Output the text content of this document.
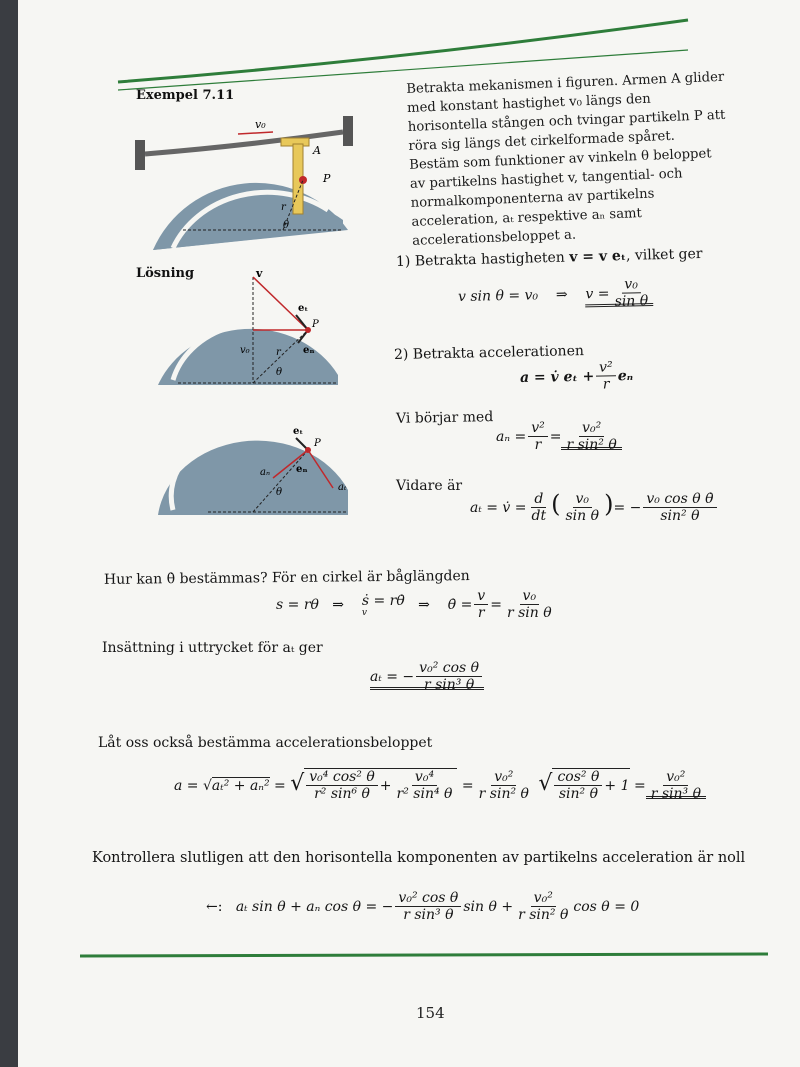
Exempel 7.11
Lösning
Betrakta mekanismen i figuren. Armen A glider med konstant hastighet v₀ längs den horisontella stången och tvingar partikeln P att röra sig längs det cirkelformade spåret. Bestäm som funktioner av vinkeln θ beloppet av partikelns hastighet v, tangential- och normalkomponenterna av partikelns acceleration, aₜ respektive aₙ samt accelerationsbeloppet a.
v₀
A
P
r
θ
v
eₜ
P
eₙ
v₀	r
θ
eₜ
P
eₙ
aₙ
aₜ
θ
1) Betrakta hastigheten v = v eₜ, vilket ger
v sin θ = v₀ ⇒ $v = \frac{\text{v₀}}{\text{sin θ}}$
2) Betrakta accelerationen
a = v̇ $e_t + \frac{\text{v²}}{r}$ eₙ
Vi börjar med
$a_n = \frac{\text{v²}}{r} = \frac{\text{v₀²}}{\text{r sin² θ}}$
Vidare är
aₜ = v̇ = $\frac{d}{dt}$ ( $\frac{\text{v₀}}{\text{sin θ}}$ )= − $\frac{\text{v₀ cos θ θ̇}}{\text{sin² θ}}$
Hur kan θ̇ bestämmas? För en cirkel är båglängden
s = rθ ⇒ ṡ = rθ̇
v	⇒ θ̇ = $\frac{v}{r} = \frac{\text{v₀}}{\text{r sin θ}}$
Insättning i uttrycket för aₜ ger
aₜ = − $\frac{\text{v₀² cos θ}}{\text{r sin³ θ}}$
Låt oss också bestämma accelerationsbeloppet
a = √aₜ² + aₙ² = √ $\frac{\text{v₀⁴ cos² θ}}{\text{r² sin⁶ θ}} + \frac{\text{v₀⁴}}{\text{r² sin⁴ θ}} = \frac{\text{v₀²}}{\text{r sin² θ}}$ √ $\frac{\text{cos² θ}}{\text{sin² θ}} + 1 = \frac{\text{v₀²}}{\text{r sin³ θ}}$
Kontrollera slutligen att den horisontella komponenten av partikelns acceleration är noll
←: aₜ sin θ + aₙ cos θ = − $\frac{\text{v₀² cos θ}}{\text{r sin³ θ}}$ $\sin \theta + \frac{\text{v₀²}}{\text{r sin² θ}}$ cos θ = 0
154
